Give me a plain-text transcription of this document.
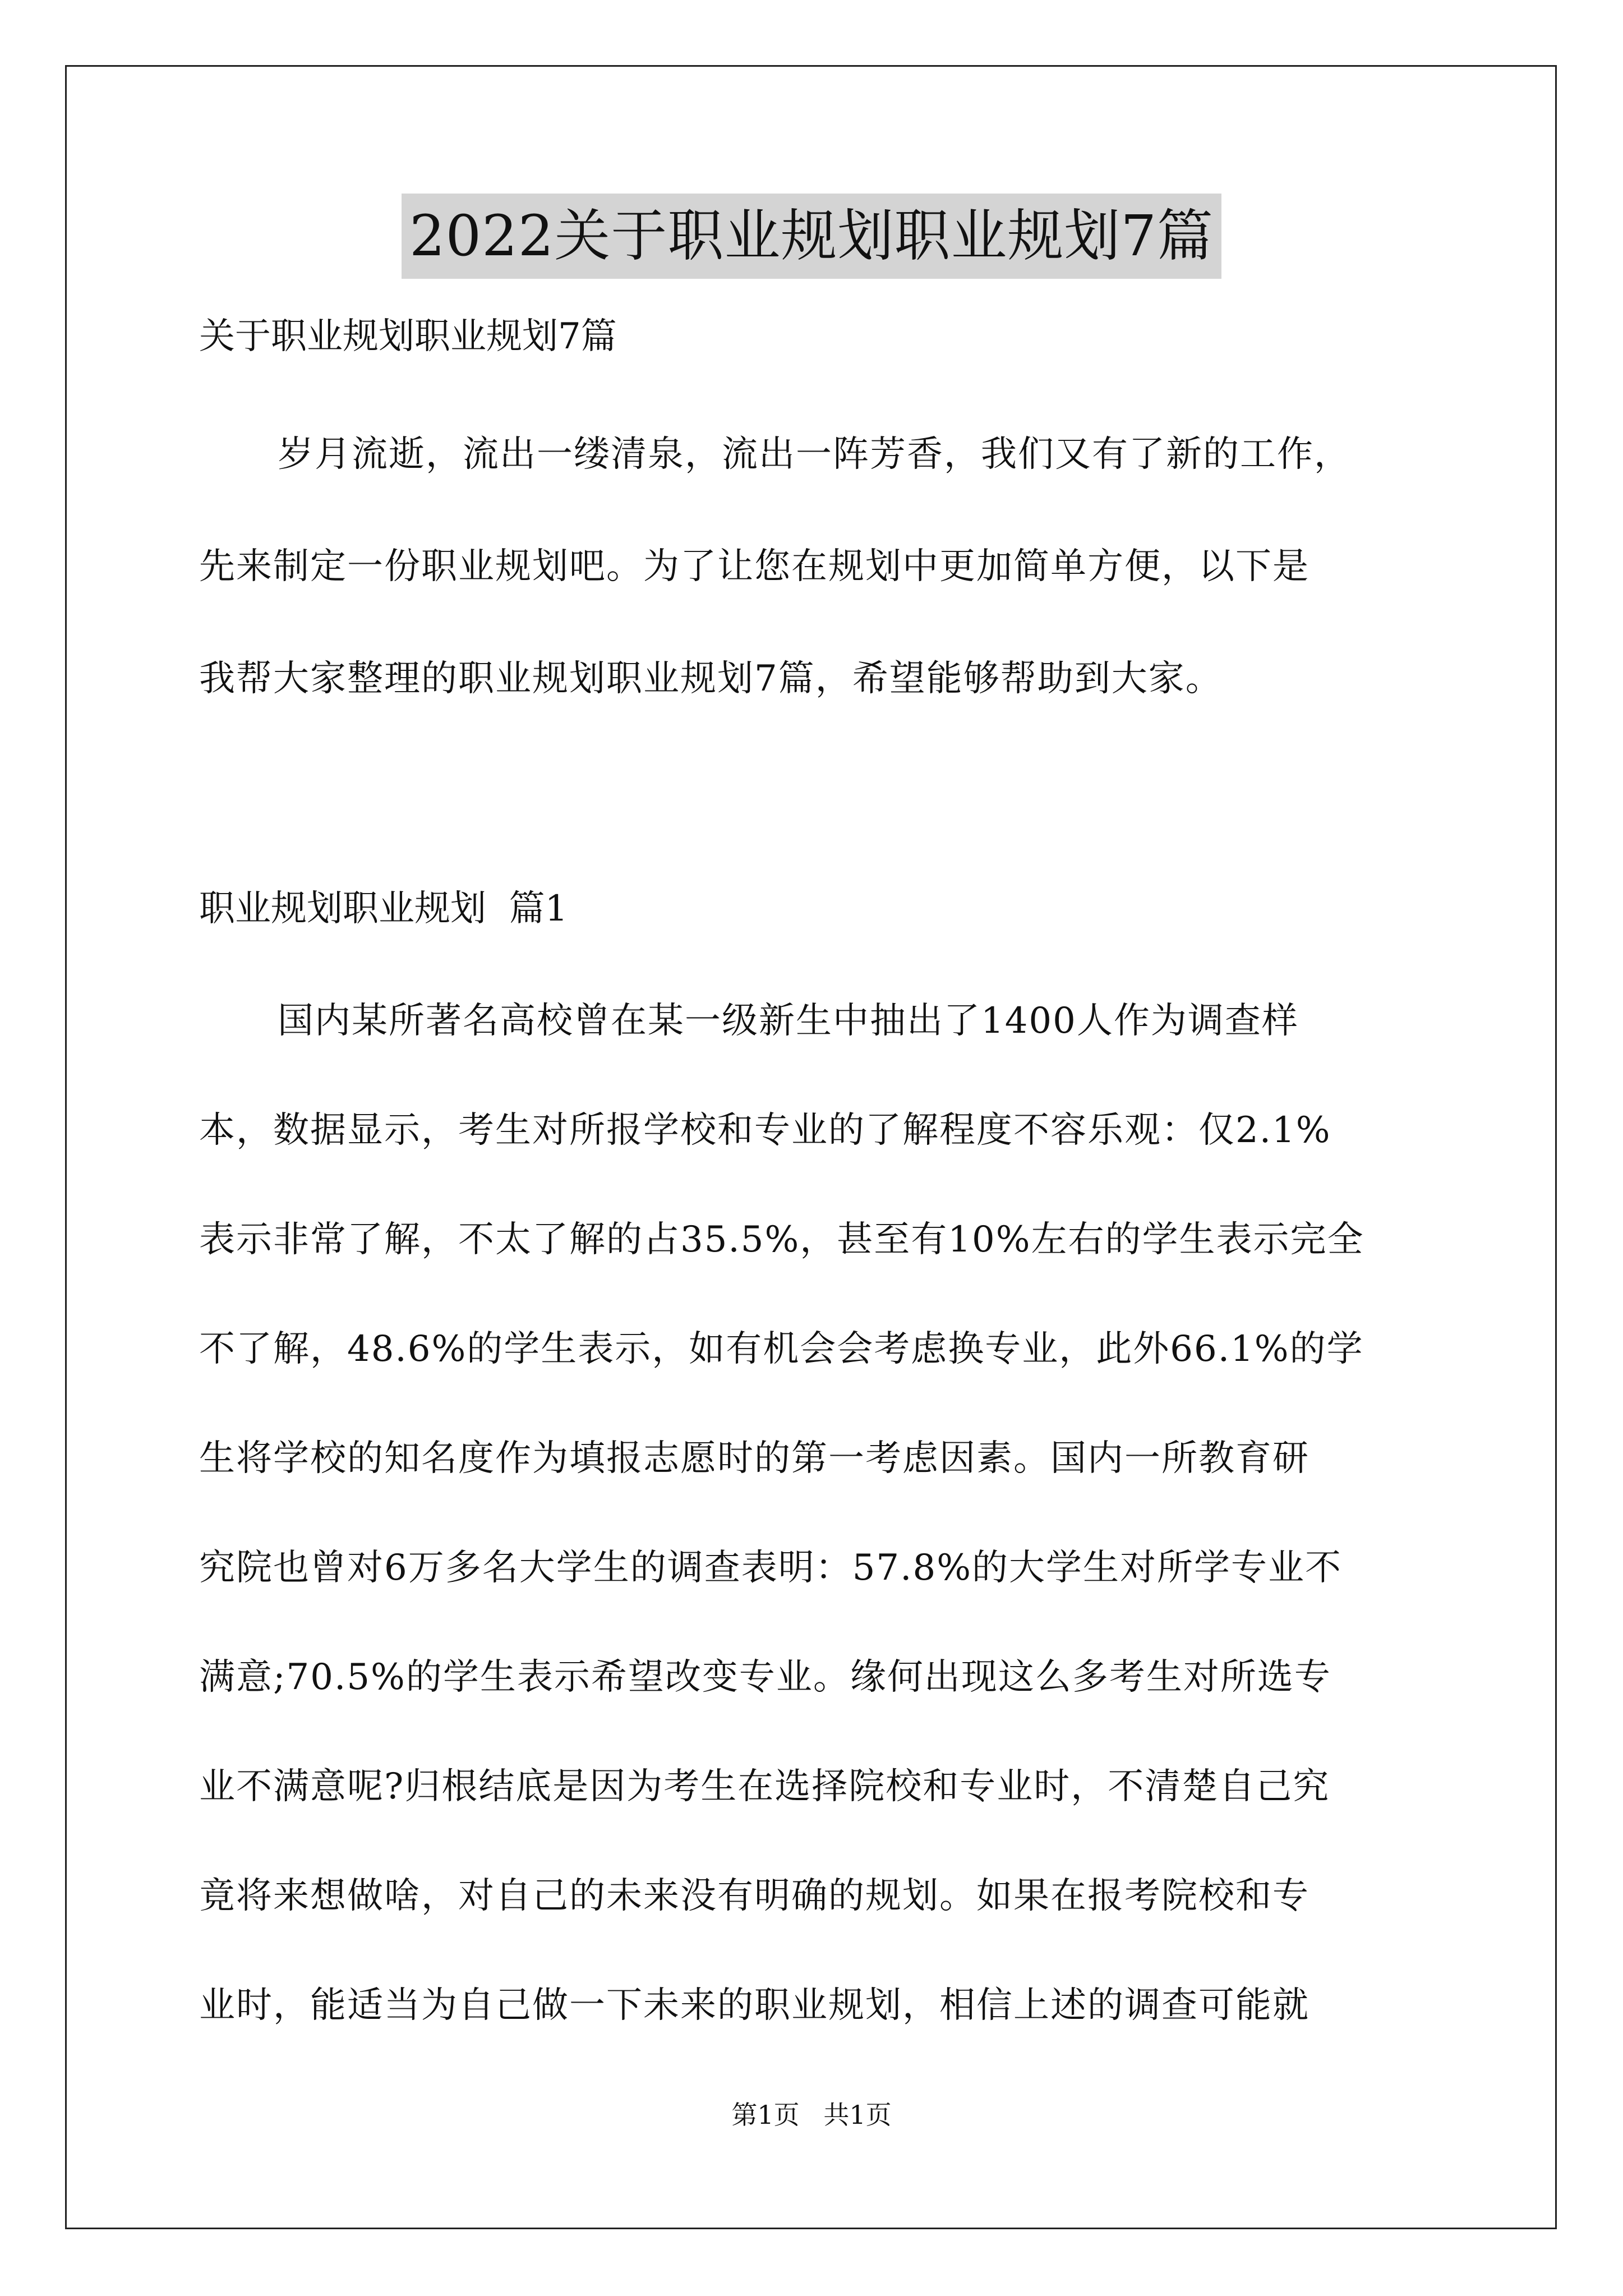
2022关于职业规划职业规划7篇
关于职业规划职业规划7篇
岁月流逝，流出一缕清泉，流出一阵芳香，我们又有了新的工作，
先来制定一份职业规划吧。为了让您在规划中更加简单方便，以下是
我帮大家整理的职业规划职业规划7篇，希望能够帮助到大家。
职业规划职业规划  篇1
国内某所著名高校曾在某一级新生中抽出了1400人作为调查样
本，数据显示，考生对所报学校和专业的了解程度不容乐观：仅2.1%
表示非常了解，不太了解的占35.5%，甚至有10%左右的学生表示完全
不了解，48.6%的学生表示，如有机会会考虑换专业，此外66.1%的学
生将学校的知名度作为填报志愿时的第一考虑因素。国内一所教育研
究院也曾对6万多名大学生的调查表明：57.8%的大学生对所学专业不
满意;70.5%的学生表示希望改变专业。缘何出现这么多考生对所选专
业不满意呢?归根结底是因为考生在选择院校和专业时，不清楚自己究
竟将来想做啥，对自己的未来没有明确的规划。如果在报考院校和专
业时，能适当为自己做一下未来的职业规划，相信上述的调查可能就
第1页 共1页
